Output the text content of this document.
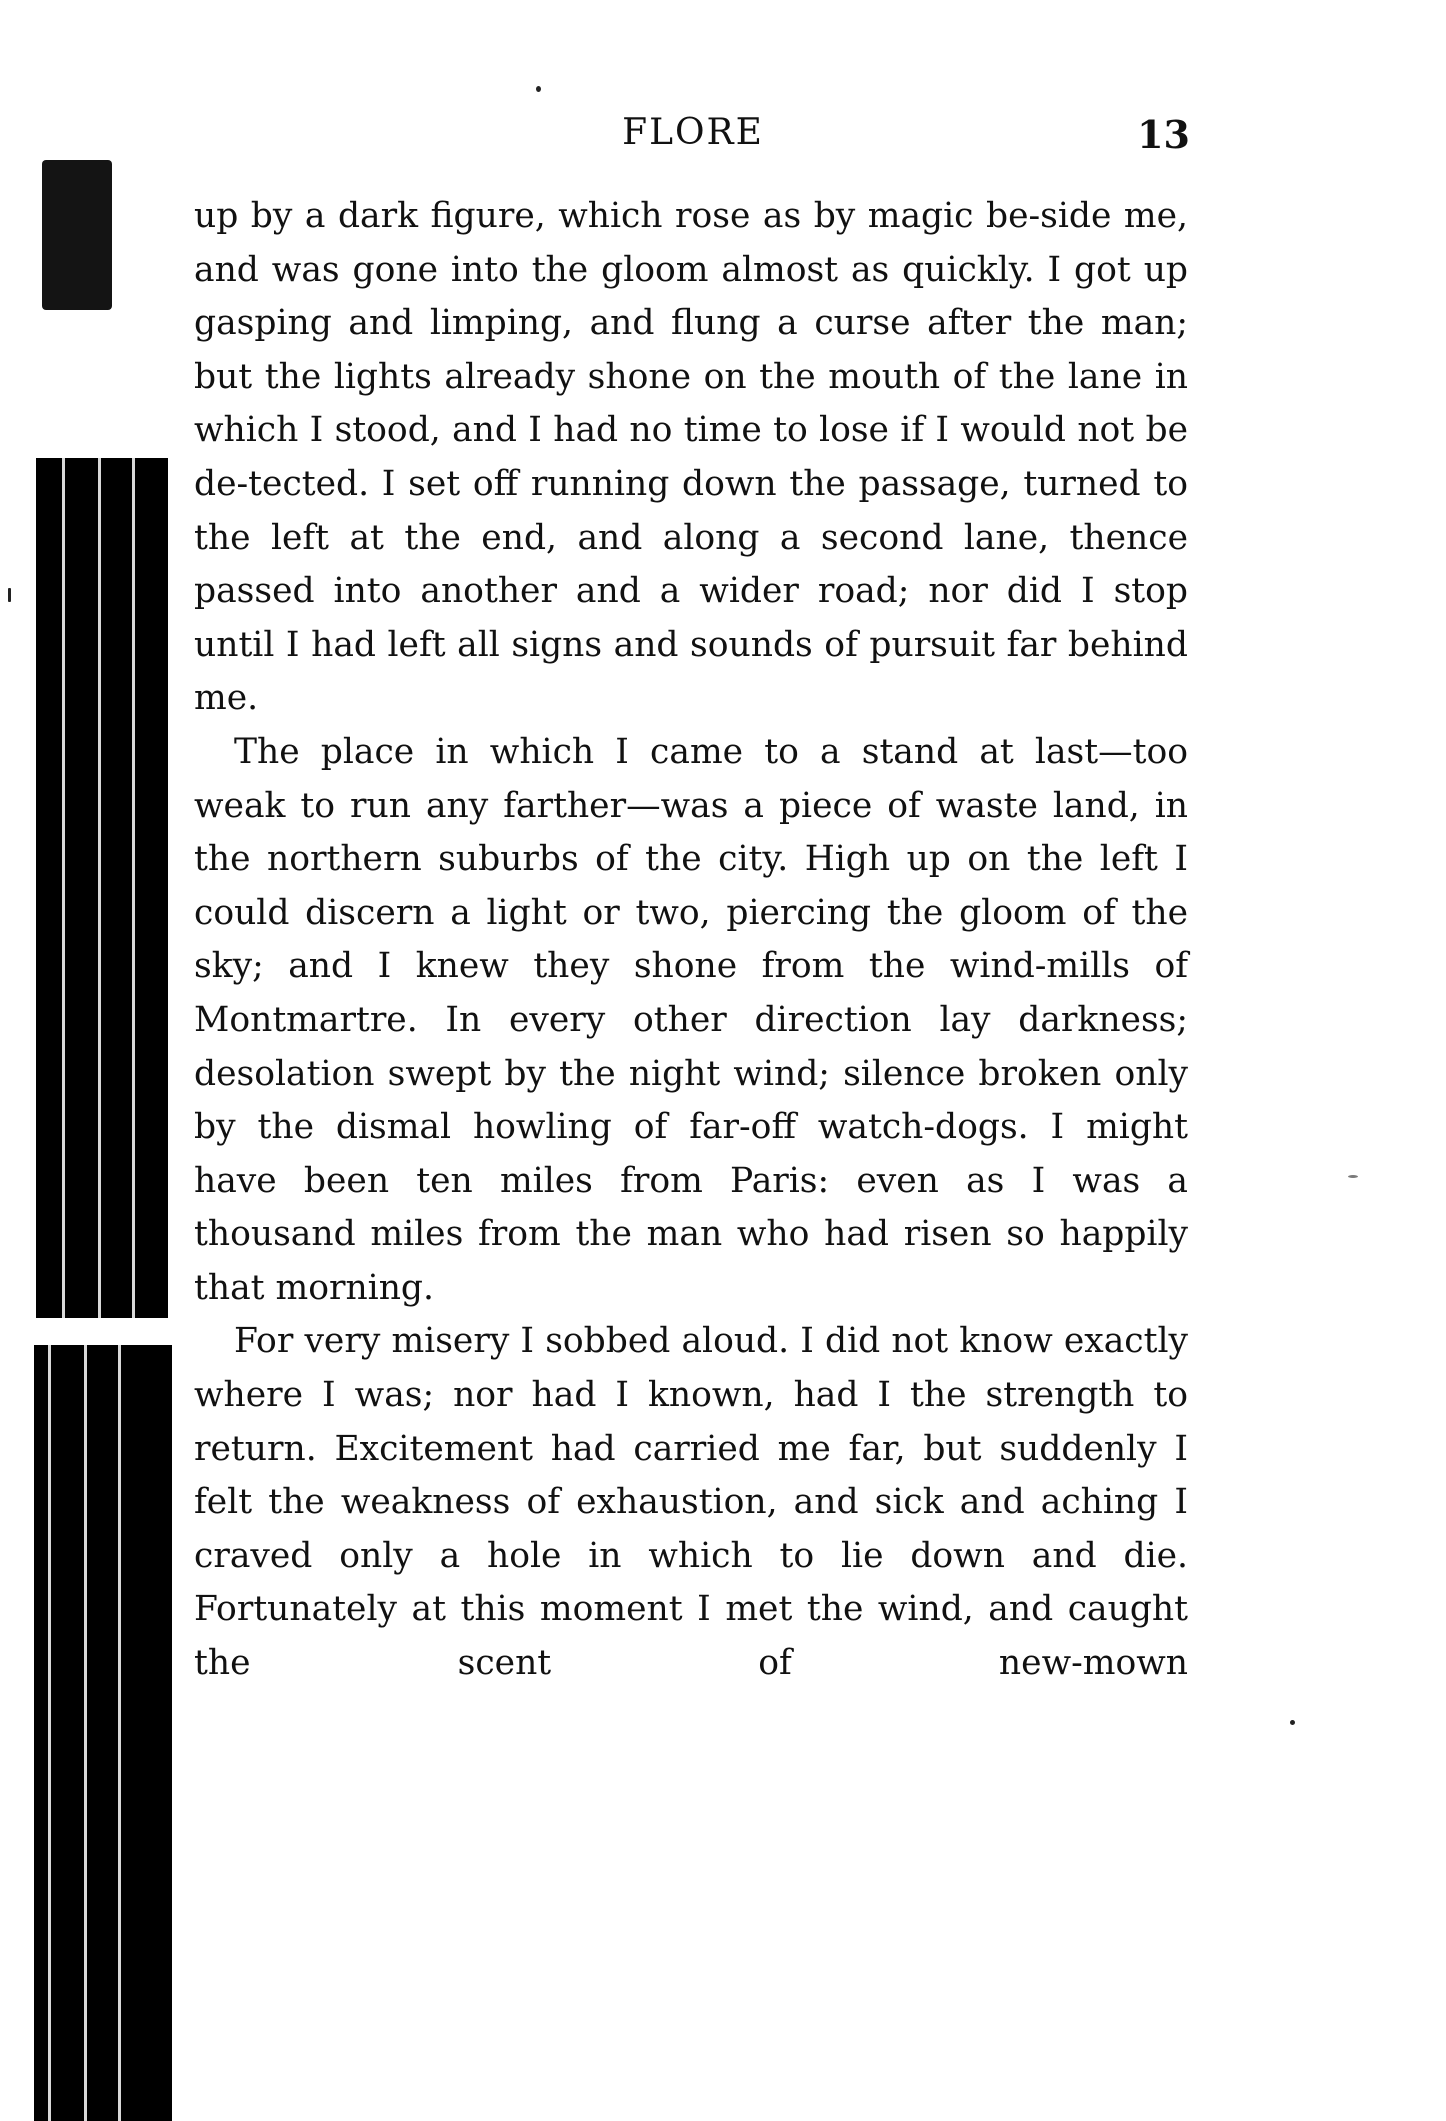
FLORE	13

up by a dark figure, which rose as by magic be-side me, and was gone into the gloom almost as quickly. I got up gasping and limping, and flung a curse after the man; but the lights already shone on the mouth of the lane in which I stood, and I had no time to lose if I would not be de-tected. I set off running down the passage, turned to the left at the end, and along a second lane, thence passed into another and a wider road; nor did I stop until I had left all signs and sounds of pursuit far behind me.

The place in which I came to a stand at last—too weak to run any farther—was a piece of waste land, in the northern suburbs of the city. High up on the left I could discern a light or two, piercing the gloom of the sky; and I knew they shone from the wind-mills of Montmartre. In every other direction lay darkness; desolation swept by the night wind; silence broken only by the dismal howling of far-off watch-dogs. I might have been ten miles from Paris: even as I was a thousand miles from the man who had risen so happily that morning.

For very misery I sobbed aloud. I did not know exactly where I was; nor had I known, had I the strength to return. Excitement had carried me far, but suddenly I felt the weakness of exhaustion, and sick and aching I craved only a hole in which to lie down and die. Fortunately at this moment I met the wind, and caught the scent of new-mown
